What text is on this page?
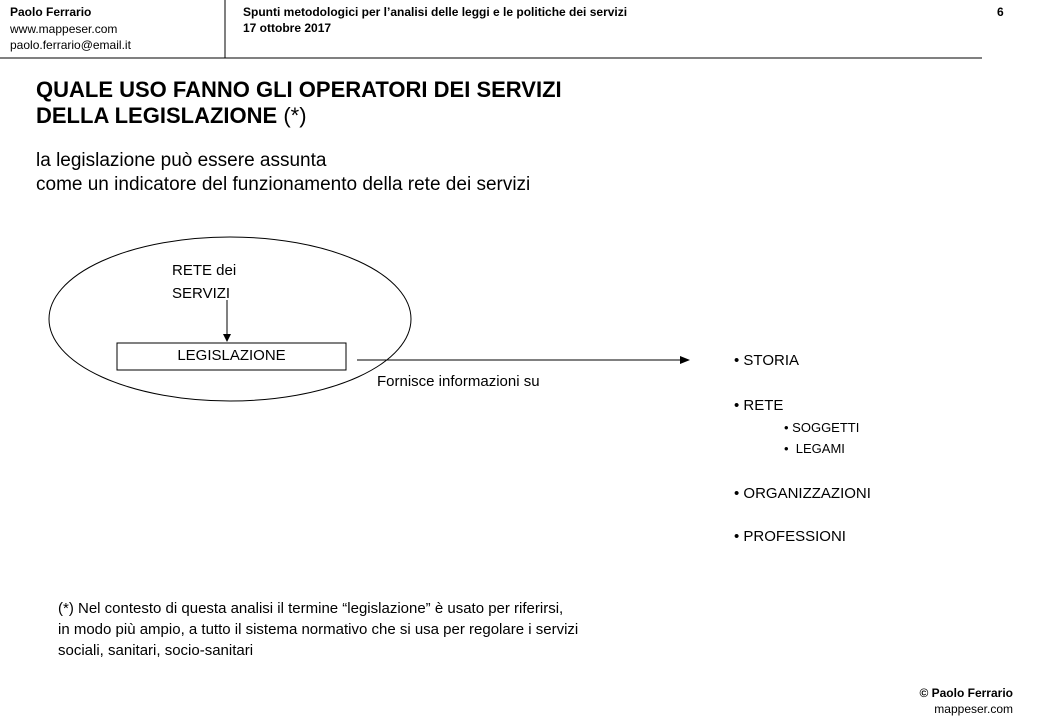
Paolo Ferrario
www.mappeser.com
paolo.ferrario@email.it
Spunti metodologici per l’analisi delle leggi e le politiche dei servizi
17 ottobre 2017
6
QUALE USO FANNO GLI OPERATORI DEI SERVIZI
DELLA LEGISLAZIONE (*)
la legislazione può essere assunta
come un indicatore del funzionamento della rete dei servizi
RETE dei
SERVIZI
LEGISLAZIONE
Fornisce informazioni su
• STORIA
• RETE
• SOGGETTI
•  LEGAMI
• ORGANIZZAZIONI
• PROFESSIONI
(*) Nel contesto di questa analisi il termine “legislazione” è usato per riferirsi,
in modo più ampio, a tutto il sistema normativo che si usa per regolare i servizi
sociali, sanitari, socio-sanitari
© Paolo Ferrario
mappeser.com
